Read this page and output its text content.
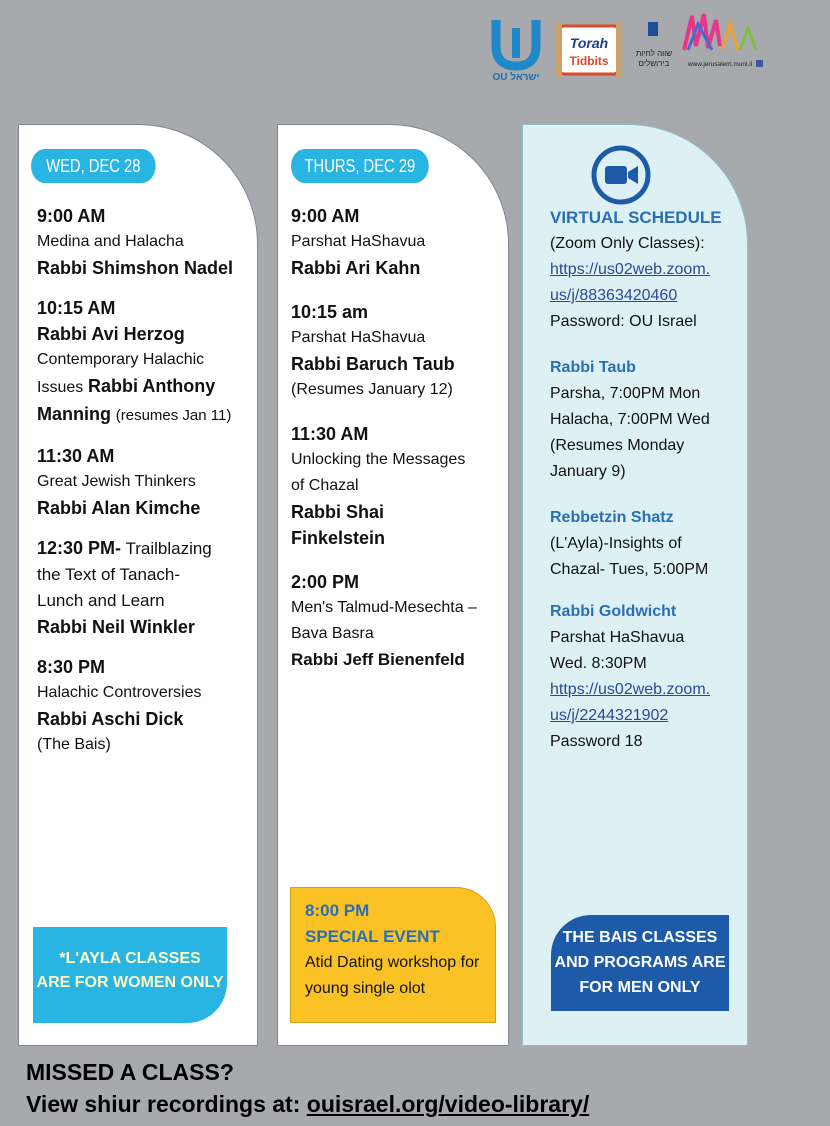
OU ישראל
Torah
Tidbits
שווה לחיות
בירושלים	www.jerusalem.muni.il
WED, DEC 28
9:00 AM
Medina and Halacha
Rabbi Shimshon Nadel
10:15 AM
Rabbi Avi Herzog
Contemporary Halachic
Issues Rabbi Anthony
Manning (resumes Jan 11)
11:30 AM
Great Jewish Thinkers
Rabbi Alan Kimche
12:30 PM- Trailblazing
the Text of Tanach-
Lunch and Learn
Rabbi Neil Winkler
8:30 PM
Halachic Controversies
Rabbi Aschi Dick
(The Bais)
*L'AYLA CLASSES
ARE FOR WOMEN ONLY
THURS, DEC 29
9:00 AM
Parshat HaShavua
Rabbi Ari Kahn
10:15 am
Parshat HaShavua
Rabbi Baruch Taub
(Resumes January 12)
11:30 AM
Unlocking the Messages
of Chazal
Rabbi Shai
Finkelstein
2:00 PM
Men's Talmud-Mesechta –
Bava Basra
Rabbi Jeff Bienenfeld
8:00 PM
SPECIAL EVENT
Atid Dating workshop for
young single olot
VIRTUAL SCHEDULE
(Zoom Only Classes):
https://us02web.zoom.
us/j/88363420460
Password: OU Israel
Rabbi Taub
Parsha, 7:00PM Mon
Halacha, 7:00PM Wed
(Resumes Monday
January 9)
Rebbetzin Shatz
(L'Ayla)-Insights of
Chazal- Tues, 5:00PM
Rabbi Goldwicht
Parshat HaShavua
Wed. 8:30PM
https://us02web.zoom.
us/j/2244321902
Password 18
THE BAIS CLASSES
AND PROGRAMS ARE
FOR MEN ONLY
MISSED A CLASS?
View shiur recordings at: ouisrael.org/video-library/
